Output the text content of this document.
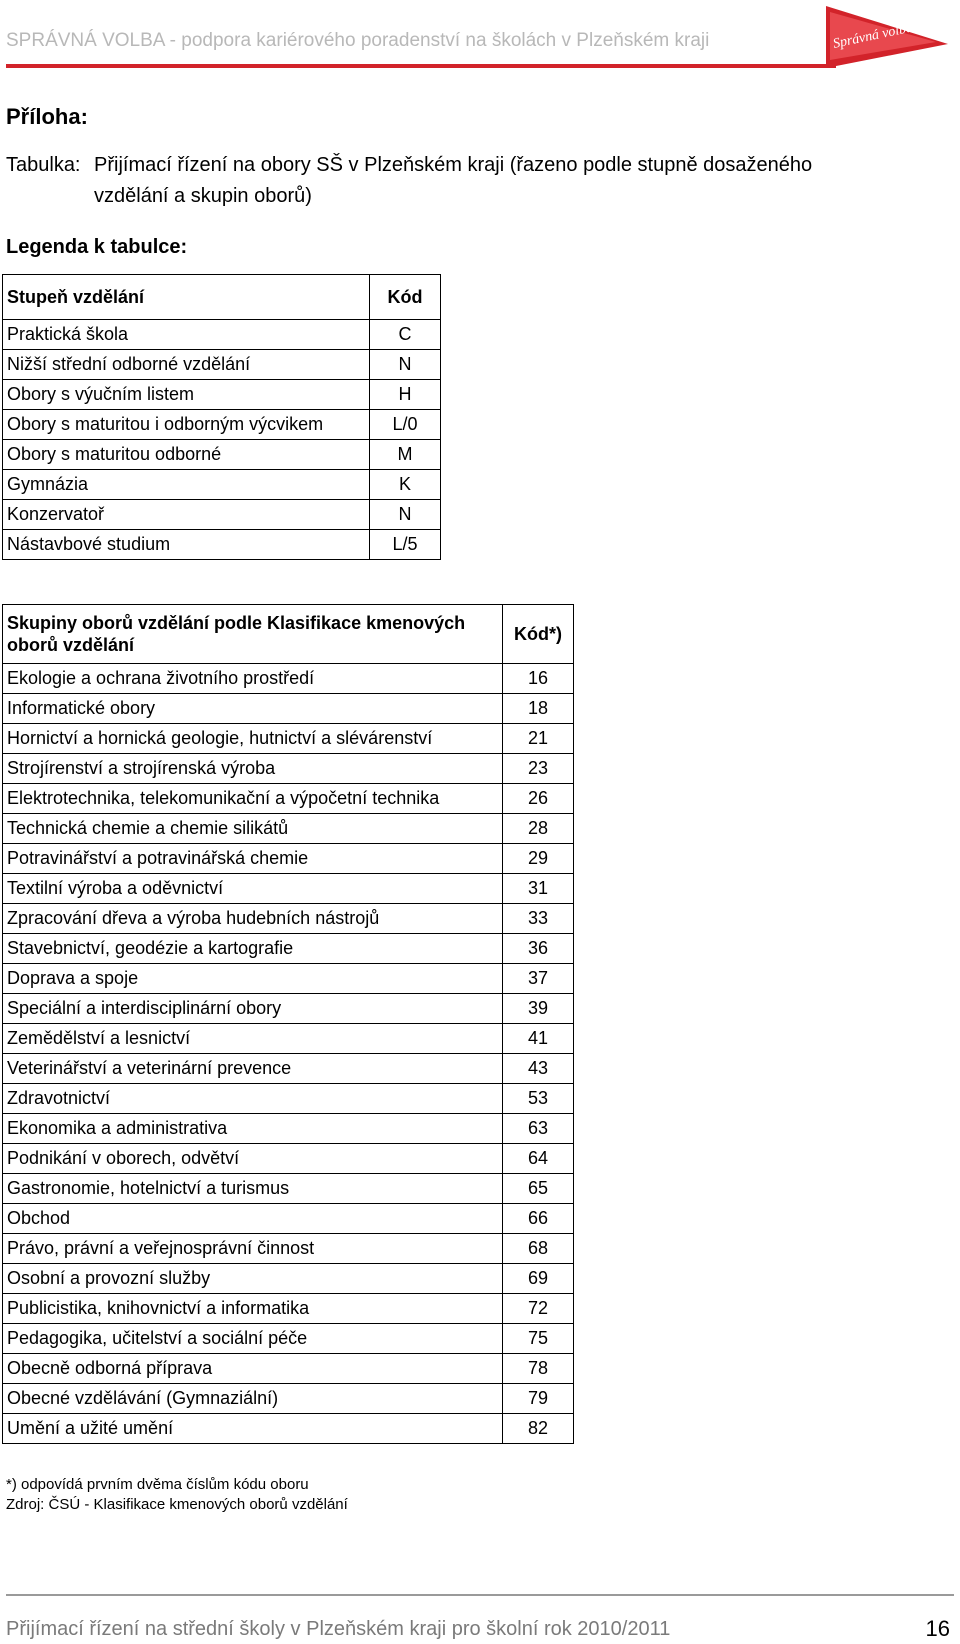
SPRÁVNÁ VOLBA - podpora kariérového poradenství na školách v Plzeňském kraji	Správná volba
Příloha:
Tabulka: Přijímací řízení na obory SŠ v Plzeňském kraji (řazeno podle stupně dosaženého
vzdělání a skupin oborů)
Legenda k tabulce:
Stupeň vzdělání	Kód
Praktická škola	C
Nižší střední odborné vzdělání	N
Obory s výučním listem	H
Obory s maturitou i odborným výcvikem	L/0
Obory s maturitou odborné	M
Gymnázia	K
Konzervatoř	N
Nástavbové studium	L/5
Skupiny oborů vzdělání podle Klasifikace kmenových oborů vzdělání	Kód*)
Ekologie a ochrana životního prostředí	16
Informatické obory	18
Hornictví a hornická geologie, hutnictví a slévárenství	21
Strojírenství a strojírenská výroba	23
Elektrotechnika, telekomunikační a výpočetní technika	26
Technická chemie a chemie silikátů	28
Potravinářství a potravinářská chemie	29
Textilní výroba a oděvnictví	31
Zpracování dřeva a výroba hudebních nástrojů	33
Stavebnictví, geodézie a kartografie	36
Doprava a spoje	37
Speciální a interdisciplinární obory	39
Zemědělství a lesnictví	41
Veterinářství a veterinární prevence	43
Zdravotnictví	53
Ekonomika a administrativa	63
Podnikání v oborech, odvětví	64
Gastronomie, hotelnictví a turismus	65
Obchod	66
Právo, právní a veřejnosprávní činnost	68
Osobní a provozní služby	69
Publicistika, knihovnictví a informatika	72
Pedagogika, učitelství a sociální péče	75
Obecně odborná příprava	78
Obecné vzdělávání (Gymnaziální)	79
Umění a užité umění	82
*) odpovídá prvním dvěma číslům kódu oboru
Zdroj: ČSÚ - Klasifikace kmenových oborů vzdělání
Přijímací řízení na střední školy v Plzeňském kraji pro školní rok 2010/2011	16
